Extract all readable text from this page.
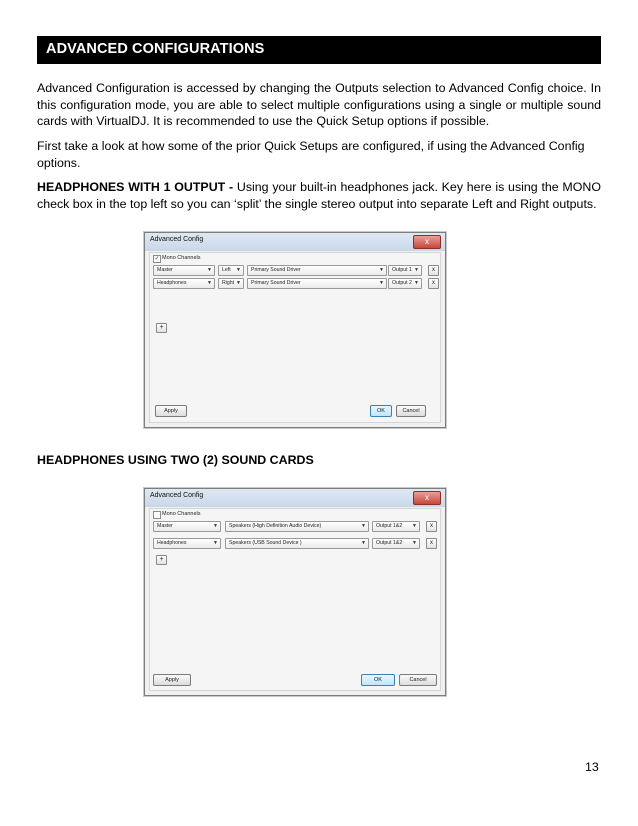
ADVANCED CONFIGURATIONS
Advanced Configuration is accessed by changing the Outputs selection to Advanced Config choice. In this configuration mode, you are able to select multiple configurations using a single or multiple sound cards with VirtualDJ. It is recommended to use the Quick Setup options if possible.
First take a look at how some of the prior Quick Setups are configured, if using the Advanced Config options.
HEADPHONES WITH 1 OUTPUT - Using your built-in headphones jack. Key here is using the MONO check box in the top left so you can ‘split’ the single stereo output into separate Left and Right outputs.
Advanced Config	x
✓ Mono Channels
Master	▼ Left ▼ Primary Sound Driver	▼ Output 1 ▼	x
Headphones	▼ Right ▼ Primary Sound Driver	▼ Output 2 ▼	x
+
Apply	OK	Cancel
HEADPHONES USING TWO (2) SOUND CARDS
Advanced Config	x
Mono Channels
Master	▼ Speakers (High Definition Audio Device)	▼ Output 1&2 ▼	x
Headphones	▼ Speakers (USB Sound Device )	▼ Output 1&2 ▼	x
+
Apply	OK	Cancel
13
